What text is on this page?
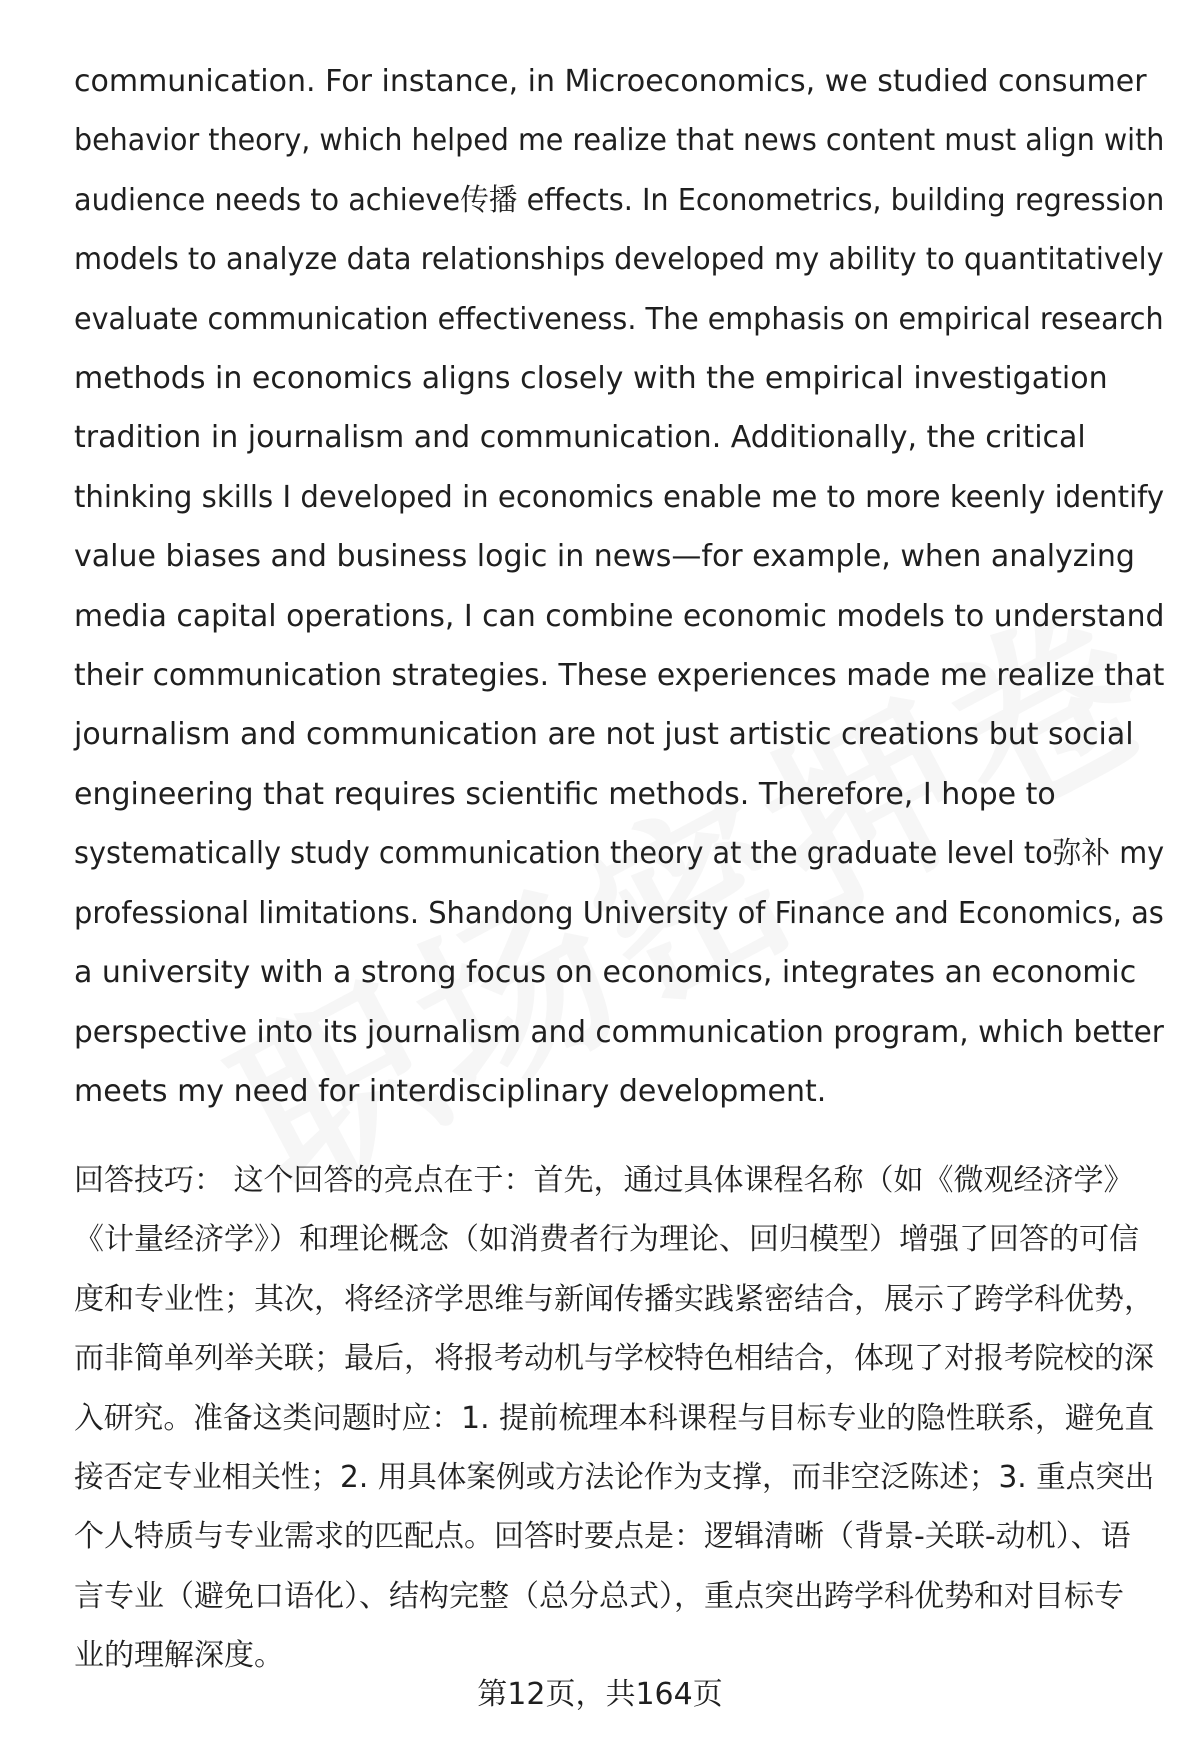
communication. For instance, in Microeconomics, we studied consumer
behavior theory, which helped me realize that news content must align with
audience needs to achieve传播 effects. In Econometrics, building regression
models to analyze data relationships developed my ability to quantitatively
evaluate communication effectiveness. The emphasis on empirical research
methods in economics aligns closely with the empirical investigation
tradition in journalism and communication. Additionally, the critical
thinking skills I developed in economics enable me to more keenly identify
value biases and business logic in news—for example, when analyzing
media capital operations, I can combine economic models to understand
their communication strategies. These experiences made me realize that
journalism and communication are not just artistic creations but social
engineering that requires scientific methods. Therefore, I hope to
systematically study communication theory at the graduate level to弥补 my
professional limitations. Shandong University of Finance and Economics, as
a university with a strong focus on economics, integrates an economic
perspective into its journalism and communication program, which better
meets my need for interdisciplinary development.
回答技巧： 这个回答的亮点在于：首先，通过具体课程名称（如《微观经济学》
《计量经济学》）和理论概念（如消费者行为理论、回归模型）增强了回答的可信
度和专业性；其次，将经济学思维与新闻传播实践紧密结合，展示了跨学科优势，
而非简单列举关联；最后，将报考动机与学校特色相结合，体现了对报考院校的深
入研究。准备这类问题时应：1. 提前梳理本科课程与目标专业的隐性联系，避免直
接否定专业相关性；2. 用具体案例或方法论作为支撑，而非空泛陈述；3. 重点突出
个人特质与专业需求的匹配点。回答时要点是：逻辑清晰（背景-关联-动机）、语
言专业（避免口语化）、结构完整（总分总式），重点突出跨学科优势和对目标专
业的理解深度。
第12页，共164页
